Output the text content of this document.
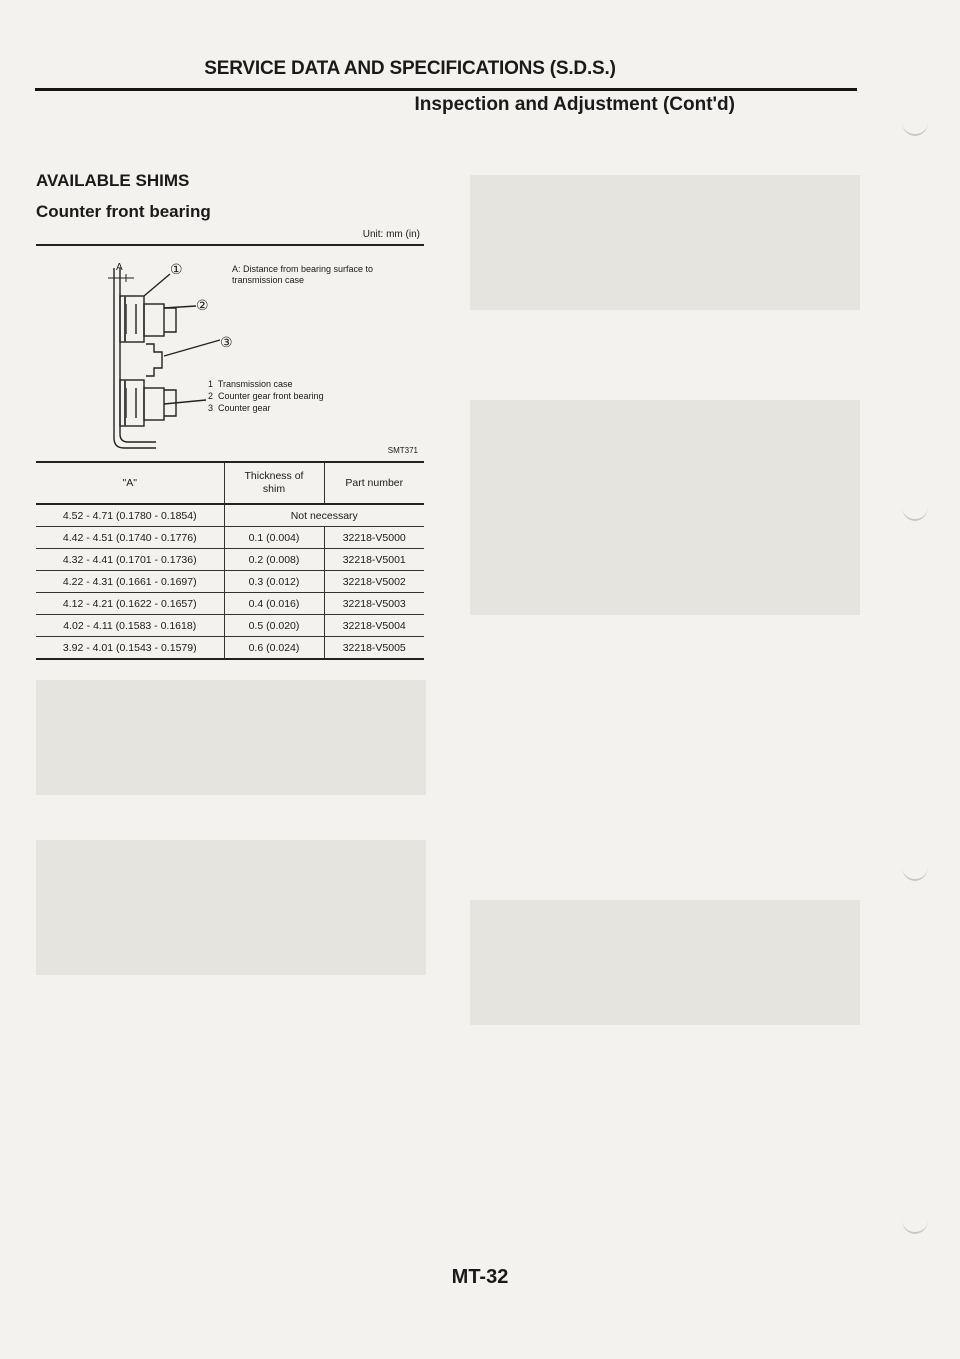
SERVICE DATA AND SPECIFICATIONS (S.D.S.)
Inspection and Adjustment (Cont'd)
AVAILABLE SHIMS
Counter front bearing
Unit: mm (in)
A	①
②
③
A: Distance from bearing surface to transmission case
1  Transmission case
2  Counter gear front bearing
3  Counter gear
SMT371
"A"	Thickness of shim	Part number
4.52 - 4.71 (0.1780 - 0.1854)	Not necessary	
4.42 - 4.51 (0.1740 - 0.1776)	0.1 (0.004)	32218-V5000
4.32 - 4.41 (0.1701 - 0.1736)	0.2 (0.008)	32218-V5001
4.22 - 4.31 (0.1661 - 0.1697)	0.3 (0.012)	32218-V5002
4.12 - 4.21 (0.1622 - 0.1657)	0.4 (0.016)	32218-V5003
4.02 - 4.11 (0.1583 - 0.1618)	0.5 (0.020)	32218-V5004
3.92 - 4.01 (0.1543 - 0.1579)	0.6 (0.024)	32218-V5005
MT-32
